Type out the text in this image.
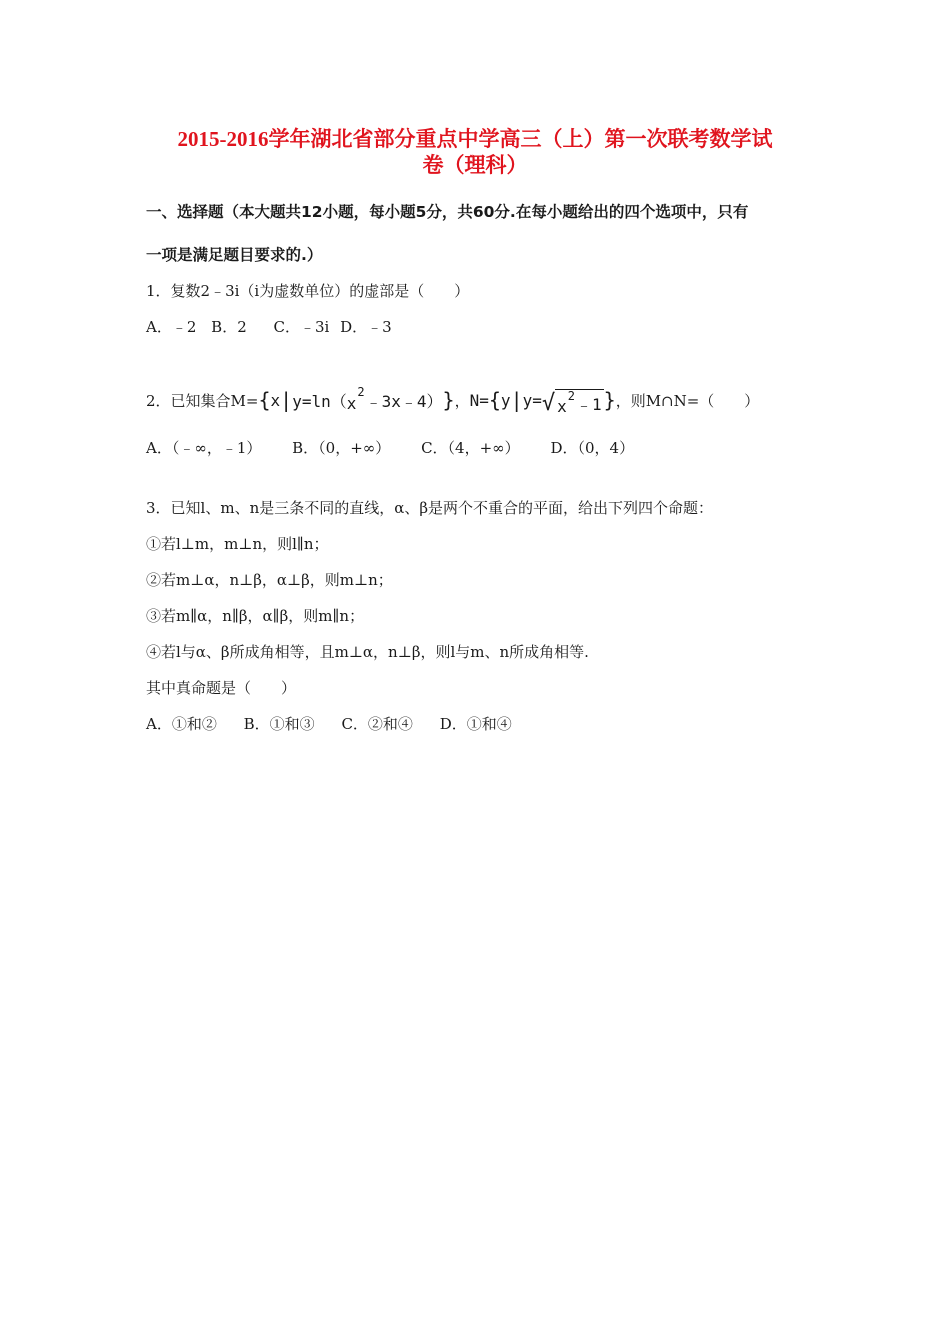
2015-2016学年湖北省部分重点中学高三（上）第一次联考数学试
卷（理科）
一、选择题（本大题共12小题，每小题5分，共60分.在每小题给出的四个选项中，只有
一项是满足题目要求的.）
1．复数2﹣3i（i为虚数单位）的虚部是（　　）
A．﹣2 B．2 C．﹣3i D．﹣3
2．已知集合M= { x | y=ln（ x
2 ﹣3x﹣4） } ， N= { y | y= √ x
2 ﹣1 } ，则M∩N=（　　）
A．（﹣∞，﹣1） B．（0，+∞） C．（4，+∞） D．（0，4）
3．已知l、m、n是三条不同的直线，α、β是两个不重合的平面，给出下列四个命题：
①若l⊥m，m⊥n，则l∥n；
②若m⊥α，n⊥β，α⊥β，则m⊥n；
③若m∥α，n∥β，α∥β，则m∥n；
④若l与α、β所成角相等，且m⊥α，n⊥β，则l与m、n所成角相等.
其中真命题是（　　）
A．①和② B．①和③ C．②和④ D．①和④
